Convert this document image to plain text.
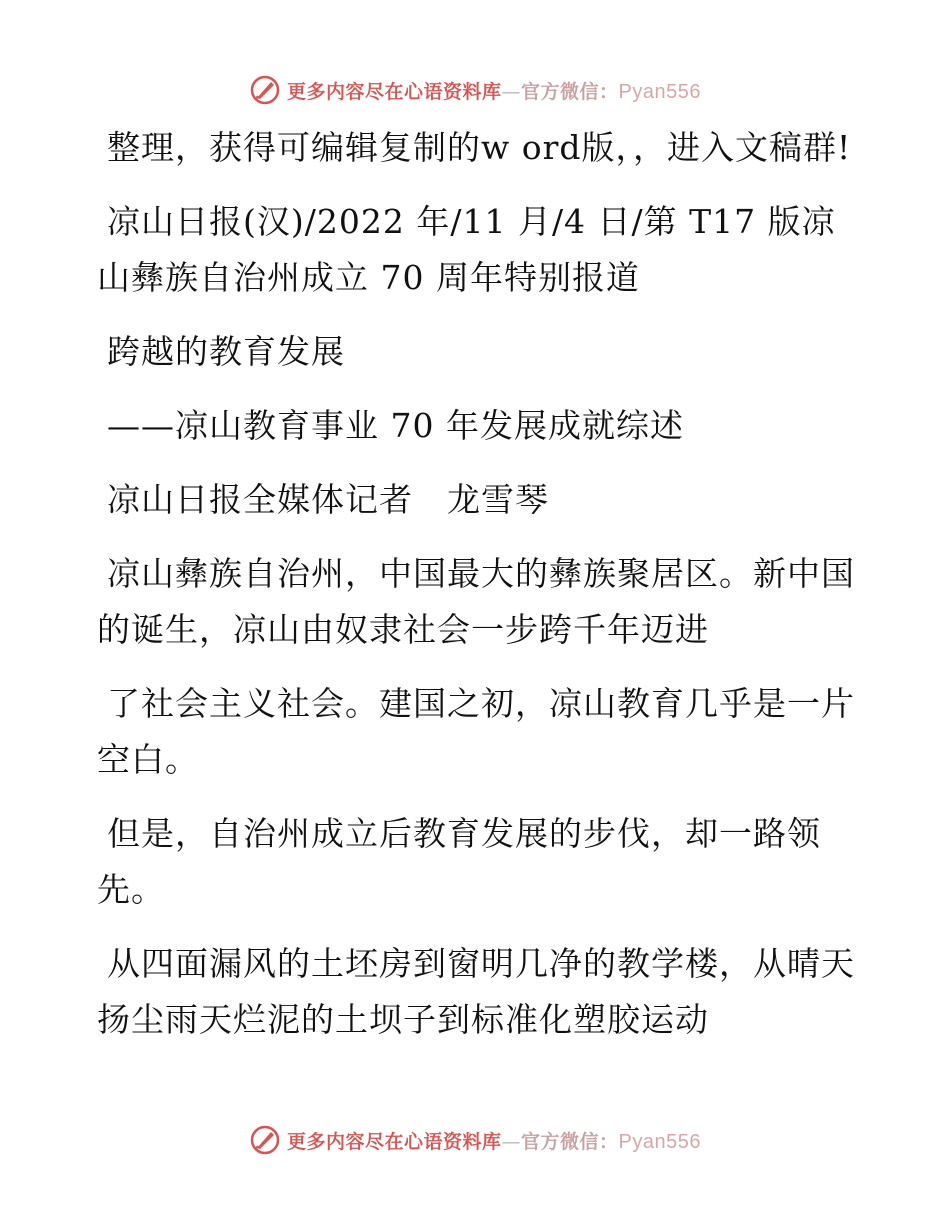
更多内容尽在心语资料库—官方微信：Pyan556

整理，获得可编辑复制的w ord版，，进入文稿群!

凉山日报(汉)/2022 年/11 月/4 日/第 T17 版凉山彝族自治州成立 70 周年特别报道

跨越的教育发展

——凉山教育事业 70 年发展成就综述

凉山日报全媒体记者　龙雪琴

凉山彝族自治州，中国最大的彝族聚居区。新中国的诞生，凉山由奴隶社会一步跨千年迈进

了社会主义社会。建国之初，凉山教育几乎是一片空白。

但是，自治州成立后教育发展的步伐，却一路领先。

从四面漏风的土坯房到窗明几净的教学楼，从晴天扬尘雨天烂泥的土坝子到标准化塑胶运动

更多内容尽在心语资料库—官方微信：Pyan556
